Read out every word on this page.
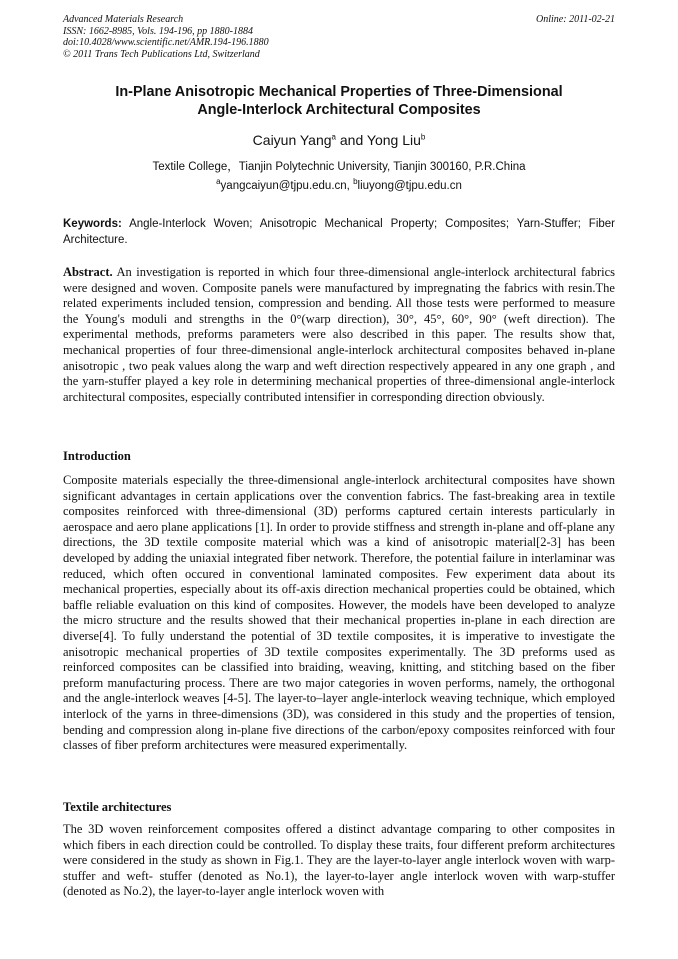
Advanced Materials Research
ISSN: 1662-8985, Vols. 194-196, pp 1880-1884
doi:10.4028/www.scientific.net/AMR.194-196.1880
© 2011 Trans Tech Publications Ltd, Switzerland
Online: 2011-02-21
In-Plane Anisotropic Mechanical Properties of Three-Dimensional
Angle-Interlock Architectural Composites
Caiyun Yang$^a$ and Yong Liu$^b$
Textile College，Tianjin Polytechnic University, Tianjin 300160, P.R.China
$^a$yangcaiyun@tjpu.edu.cn, $^b$liuyong@tjpu.edu.cn
Keywords: Angle-Interlock Woven; Anisotropic Mechanical Property; Composites; Yarn-Stuffer; Fiber Architecture.
Abstract. An investigation is reported in which four three-dimensional angle-interlock architectural fabrics were designed and woven. Composite panels were manufactured by impregnating the fabrics with resin.The related experiments included tension, compression and bending. All those tests were performed to measure the Young's moduli and strengths in the 0°(warp direction), 30°, 45°, 60°, 90° (weft direction). The experimental methods, preforms parameters were also described in this paper. The results show that, mechanical properties of four three-dimensional angle-interlock architectural composites behaved in-plane anisotropic , two peak values along the warp and weft direction respectively appeared in any one graph , and the yarn-stuffer played a key role in determining mechanical properties of three-dimensional angle-interlock architectural composites, especially contributed intensifier in corresponding direction obviously.
Introduction
Composite materials especially the three-dimensional angle-interlock architectural composites have shown significant advantages in certain applications over the convention fabrics. The fast-breaking area in textile composites reinforced with three-dimensional (3D) performs captured certain interests particularly in aerospace and aero plane applications [1]. In order to provide stiffness and strength in-plane and off-plane any directions, the 3D textile composite material which was a kind of anisotropic material[2-3] has been developed by adding the uniaxial integrated fiber network. Therefore, the potential failure in interlaminar was reduced, which often occured in conventional laminated composites. Few experiment data about its mechanical properties, especially about its off-axis direction mechanical properties could be obtained, which baffle reliable evaluation on this kind of composites. However, the models have been developed to analyze the micro structure and the results showed that their mechanical properties in-plane in each direction are diverse[4]. To fully understand the potential of 3D textile composites, it is imperative to investigate the anisotropic mechanical properties of 3D textile composites experimentally. The 3D preforms used as reinforced composites can be classified into braiding, weaving, knitting, and stitching based on the fiber preform manufacturing process. There are two major categories in woven performs, namely, the orthogonal and the angle-interlock weaves [4-5]. The layer-to–layer angle-interlock weaving technique, which employed interlock of the yarns in three-dimensions (3D), was considered in this study and the properties of tension, bending and compression along in-plane five directions of the carbon/epoxy composites reinforced with four classes of fiber preform architectures were measured experimentally.
Textile architectures
The 3D woven reinforcement composites offered a distinct advantage comparing to other composites in which fibers in each direction could be controlled. To display these traits, four different preform architectures were considered in the study as shown in Fig.1. They are the layer-to-layer angle interlock woven with warp-stuffer and weft- stuffer (denoted as No.1), the layer-to-layer angle interlock woven with warp-stuffer (denoted as No.2), the layer-to-layer angle interlock woven with
